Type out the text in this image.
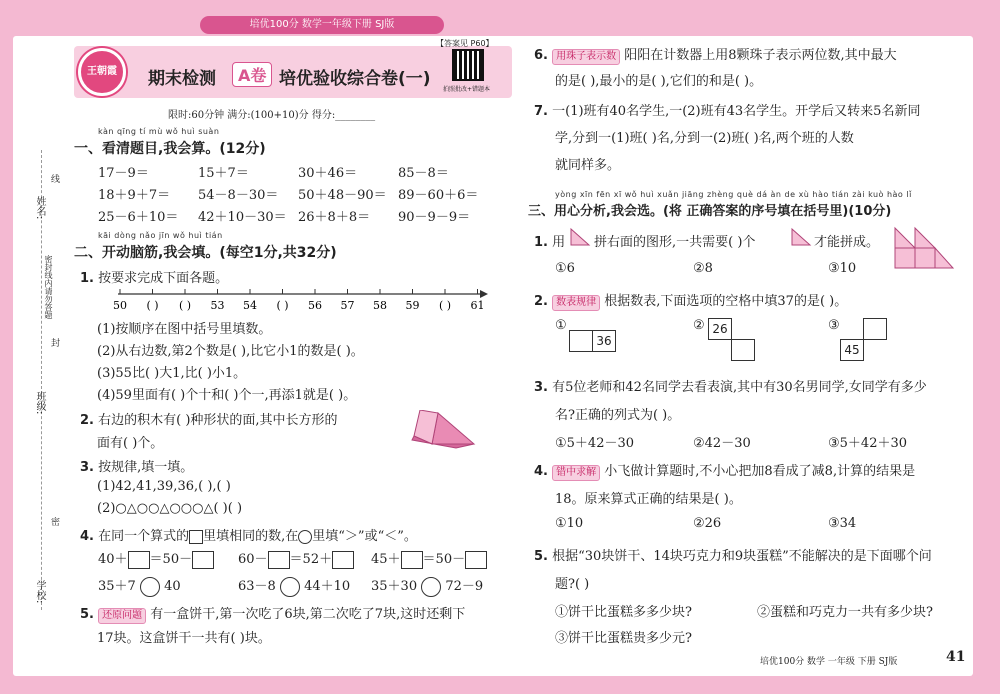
培优100分 数学一年级下册 SJ版
姓名:
班级:
学校:
密封线内请勿答题
线
封
密
王朝霞	期末检测	A卷 培优验收综合卷(一)
【答案见 P60】
拍照批改+错题本
限时:60分钟 满分:(100+10)分 得分:________
kàn qīng tí mù wǒ huì suàn
一、看清题目,我会算。(12分)
17－9＝	15＋7＝	30＋46＝	85－8＝
18＋9＋7＝ 54－8－30＝ 50＋48－90＝ 89－60＋6＝
25－6＋10＝ 42＋10－30＝ 26＋8＋8＝ 90－9－9＝
kāi dòng nǎo jīn wǒ huì tián
二、开动脑筋,我会填。(每空1分,共32分)
1. 按要求完成下面各题。
50 ( ) ( ) 53 54 ( ) 56 57 58 59 ( ) 61
(1)按顺序在图中括号里填数。
(2)从右边数,第2个数是( ),比它小1的数是( )。
(3)55比( )大1,比( )小1。
(4)59里面有( )个十和( )个一,再添1就是( )。
2. 右边的积木有( )种形状的面,其中长方形的
面有( )个。
3. 按规律,填一填。
(1)42,41,39,36,( ),( )
(2)○△○○△○○○△( )( )
4. 在同一个算式的 里填相同的数,在 里填“＞”或“＜”。
40＋ ＝50－	60－ ＝52＋	45＋ ＝50－
35＋7 40	63－8 44＋10 35＋30 72－9
5. 还原问题 有一盒饼干,第一次吃了6块,第二次吃了7块,这时还剩下
17块。这盒饼干一共有( )块。
6. 用珠子表示数 阳阳在计数器上用8颗珠子表示两位数,其中最大
的是( ),最小的是( ),它们的和是( )。
7. 一(1)班有40名学生,一(2)班有43名学生。开学后又转来5名新同
学,分到一(1)班( )名,分到一(2)班( )名,两个班的人数
就同样多。
yòng xīn fēn xī wǒ huì xuǎn jiāng zhèng què dá àn de xù hào tián zài kuò hào lǐ
三、用心分析,我会选。(将 正确答案的序号填在括号里)(10分)
1. 用 拼右面的图形,一共需要( )个	才能拼成。
①6	②8	③10
2. 数表规律 根据数表,下面选项的空格中填37的是( )。
①
36
② 26	③
45
3. 有5位老师和42名同学去看表演,其中有30名男同学,女同学有多少
名?正确的列式为( )。
①5＋42－30	②42－30	③5＋42＋30
4. 错中求解 小飞做计算题时,不小心把加8看成了减8,计算的结果是
18。原来算式正确的结果是( )。
①10	②26	③34
5. 根据“30块饼干、14块巧克力和9块蛋糕”不能解决的是下面哪个问
题?( )
①饼干比蛋糕多多少块?	②蛋糕和巧克力一共有多少块?
③饼干比蛋糕贵多少元?
培优100分 数学 一年级 下册 SJ版	41
